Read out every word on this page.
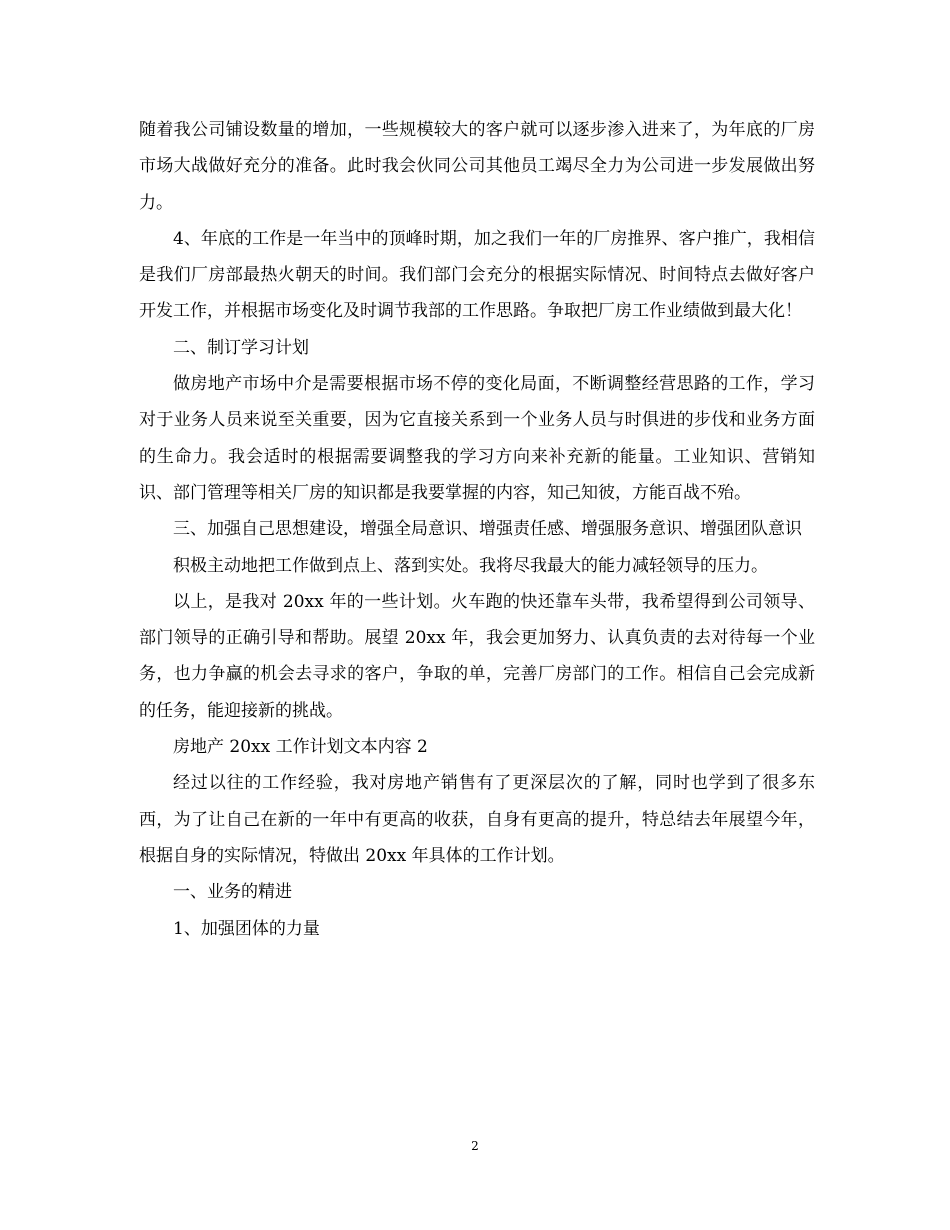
随着我公司铺设数量的增加，一些规模较大的客户就可以逐步渗入进来了，为年底的厂房市场大战做好充分的准备。此时我会伙同公司其他员工竭尽全力为公司进一步发展做出努力。

4、年底的工作是一年当中的顶峰时期，加之我们一年的厂房推界、客户推广，我相信是我们厂房部最热火朝天的时间。我们部门会充分的根据实际情况、时间特点去做好客户开发工作，并根据市场变化及时调节我部的工作思路。争取把厂房工作业绩做到最大化！

二、制订学习计划

做房地产市场中介是需要根据市场不停的变化局面，不断调整经营思路的工作，学习对于业务人员来说至关重要，因为它直接关系到一个业务人员与时俱进的步伐和业务方面的生命力。我会适时的根据需要调整我的学习方向来补充新的能量。工业知识、营销知识、部门管理等相关厂房的知识都是我要掌握的内容，知己知彼，方能百战不殆。

三、加强自己思想建设，增强全局意识、增强责任感、增强服务意识、增强团队意识

积极主动地把工作做到点上、落到实处。我将尽我最大的能力减轻领导的压力。

以上，是我对 20xx 年的一些计划。火车跑的快还靠车头带，我希望得到公司领导、部门领导的正确引导和帮助。展望 20xx 年，我会更加努力、认真负责的去对待每一个业务，也力争赢的机会去寻求的客户，争取的单，完善厂房部门的工作。相信自己会完成新的任务，能迎接新的挑战。

房地产 20xx 工作计划文本内容 2

经过以往的工作经验，我对房地产销售有了更深层次的了解，同时也学到了很多东西，为了让自己在新的一年中有更高的收获，自身有更高的提升，特总结去年展望今年，根据自身的实际情况，特做出 20xx 年具体的工作计划。

一、业务的精进

1、加强团体的力量

2
